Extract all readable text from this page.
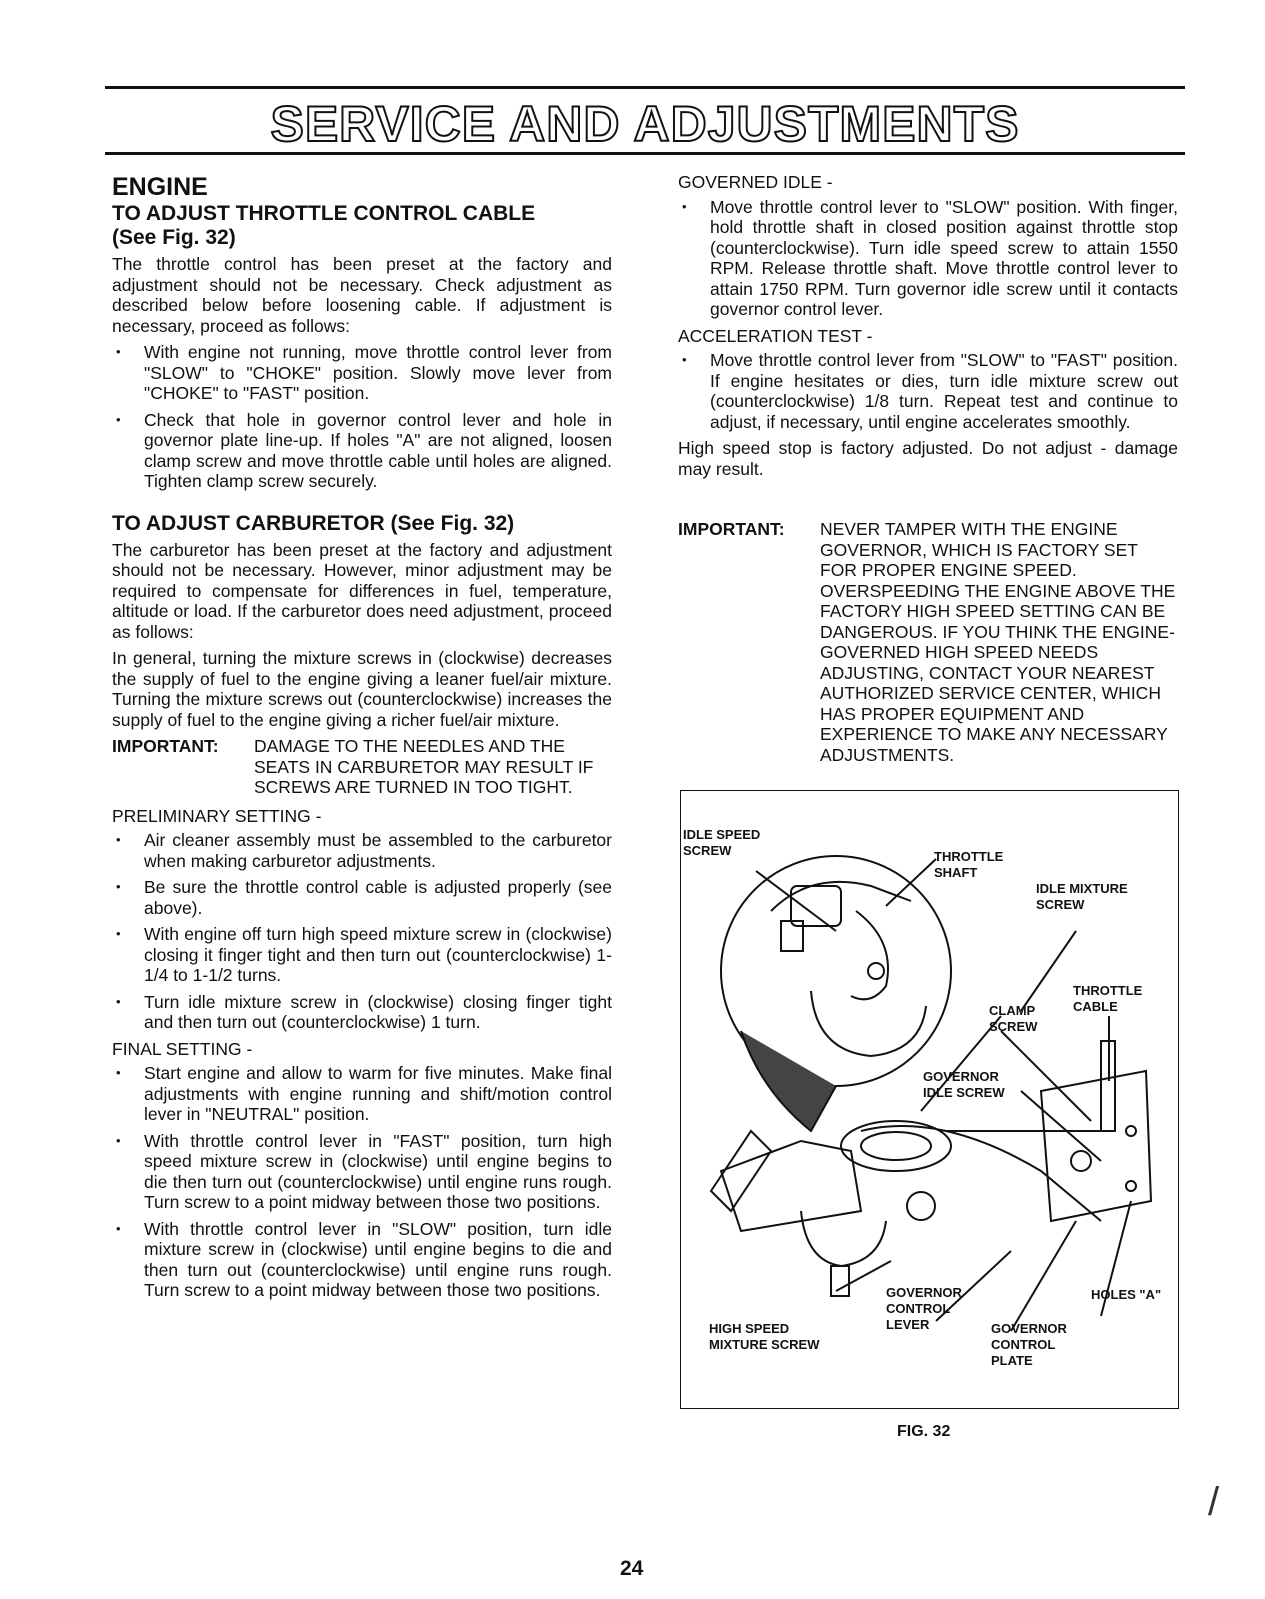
SERVICE AND ADJUSTMENTS
ENGINE
TO ADJUST THROTTLE CONTROL CABLE
(See Fig. 32)

The throttle control has been preset at the factory and adjustment should not be necessary. Check adjustment as described below before loosening cable. If adjustment is necessary, proceed as follows:

• With engine not running, move throttle control lever from "SLOW" to "CHOKE" position. Slowly move lever from "CHOKE" to "FAST" position.
• Check that hole in governor control lever and hole in governor plate line-up. If holes "A" are not aligned, loosen clamp screw and move throttle cable until holes are aligned. Tighten clamp screw securely.
TO ADJUST CARBURETOR (See Fig. 32)

The carburetor has been preset at the factory and adjustment should not be necessary. However, minor adjustment may be required to compensate for differences in fuel, temperature, altitude or load. If the carburetor does need adjustment, proceed as follows:

In general, turning the mixture screws in (clockwise) decreases the supply of fuel to the engine giving a leaner fuel/air mixture. Turning the mixture screws out (counterclockwise) increases the supply of fuel to the engine giving a richer fuel/air mixture.

IMPORTANT:	DAMAGE TO THE NEEDLES AND THE SEATS IN CARBURETOR MAY RESULT IF SCREWS ARE TURNED IN TOO TIGHT.
PRELIMINARY SETTING -
• Air cleaner assembly must be assembled to the carburetor when making carburetor adjustments.
• Be sure the throttle control cable is adjusted properly (see above).
• With engine off turn high speed mixture screw in (clockwise) closing it finger tight and then turn out (counterclockwise) 1-1/4 to 1-1/2 turns.
• Turn idle mixture screw in (clockwise) closing finger tight and then turn out (counterclockwise) 1 turn.
FINAL SETTING -
• Start engine and allow to warm for five minutes. Make final adjustments with engine running and shift/motion control lever in "NEUTRAL" position.
• With throttle control lever in "FAST" position, turn high speed mixture screw in (clockwise) until engine begins to die then turn out (counterclockwise) until engine runs rough. Turn screw to a point midway between those two positions.
• With throttle control lever in "SLOW" position, turn idle mixture screw in (clockwise) until engine begins to die and then turn out (counterclockwise) until engine runs rough. Turn screw to a point midway between those two positions.
GOVERNED IDLE -
• Move throttle control lever to "SLOW" position. With finger, hold throttle shaft in closed position against throttle stop (counterclockwise). Turn idle speed screw to attain 1550 RPM. Release throttle shaft. Move throttle control lever to attain 1750 RPM. Turn governor idle screw until it contacts governor control lever.
ACCELERATION TEST -
• Move throttle control lever from "SLOW" to "FAST" position. If engine hesitates or dies, turn idle mixture screw out (counterclockwise) 1/8 turn. Repeat test and continue to adjust, if necessary, until engine accelerates smoothly.

High speed stop is factory adjusted. Do not adjust - damage may result.

IMPORTANT:	NEVER TAMPER WITH THE ENGINE GOVERNOR, WHICH IS FACTORY SET FOR PROPER ENGINE SPEED. OVERSPEEDING THE ENGINE ABOVE THE FACTORY HIGH SPEED SETTING CAN BE DANGEROUS. IF YOU THINK THE ENGINE-GOVERNED HIGH SPEED NEEDS ADJUSTING, CONTACT YOUR NEAREST AUTHORIZED SERVICE CENTER, WHICH HAS PROPER EQUIPMENT AND EXPERIENCE TO MAKE ANY NECESSARY ADJUSTMENTS.
IDLE SPEED
SCREW	THROTTLE
SHAFT
IDLE MIXTURE
SCREW
THROTTLE
CABLE
CLAMP
SCREW
GOVERNOR
IDLE SCREW
GOVERNOR
CONTROL
LEVER
HIGH SPEED
MIXTURE SCREW
GOVERNOR
CONTROL
PLATE
HOLES "A"
FIG. 32
24
/
